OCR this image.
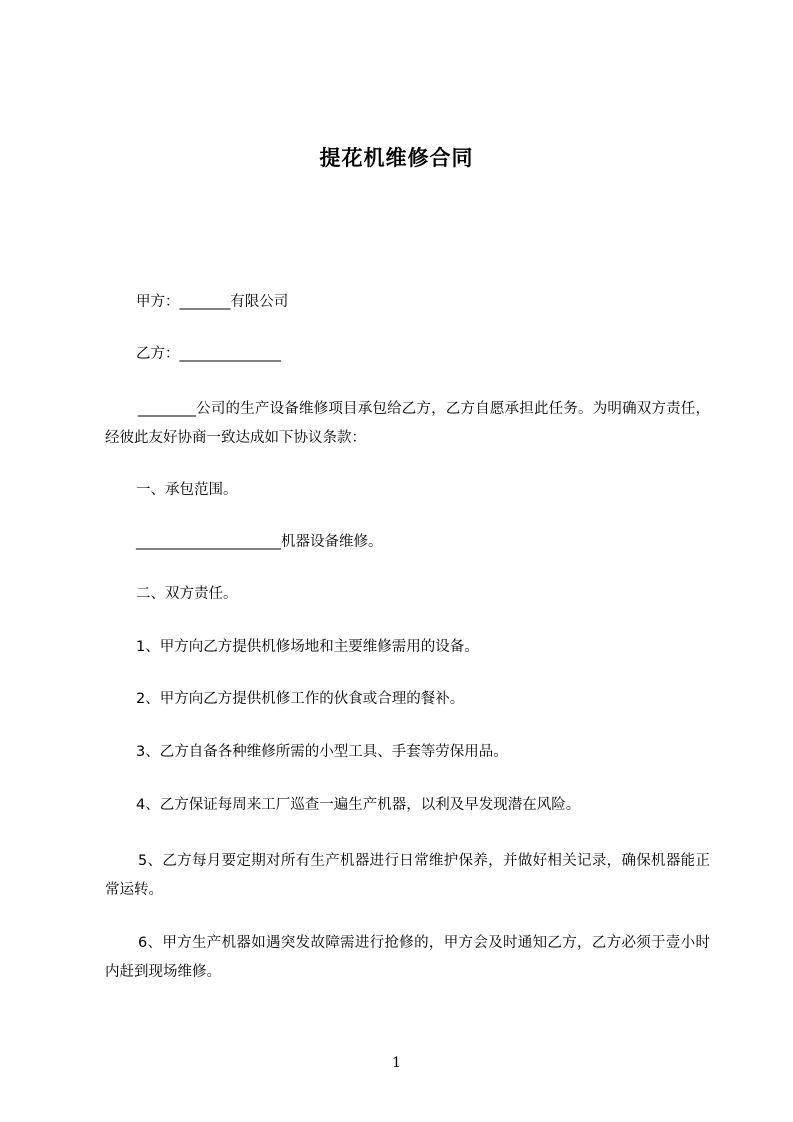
提花机维修合同
甲方：_______有限公司
乙方：______________
________公司的生产设备维修项目承包给乙方，乙方自愿承担此任务。为明确双方责任，经彼此友好协商一致达成如下协议条款：
一、承包范围。
____________________机器设备维修。
二、双方责任。
1、甲方向乙方提供机修场地和主要维修需用的设备。
2、甲方向乙方提供机修工作的伙食或合理的餐补。
3、乙方自备各种维修所需的小型工具、手套等劳保用品。
4、乙方保证每周来工厂巡查一遍生产机器，以利及早发现潜在风险。
5、乙方每月要定期对所有生产机器进行日常维护保养，并做好相关记录，确保机器能正常运转。
6、甲方生产机器如遇突发故障需进行抢修的，甲方会及时通知乙方，乙方必须于壹小时内赶到现场维修。
1
